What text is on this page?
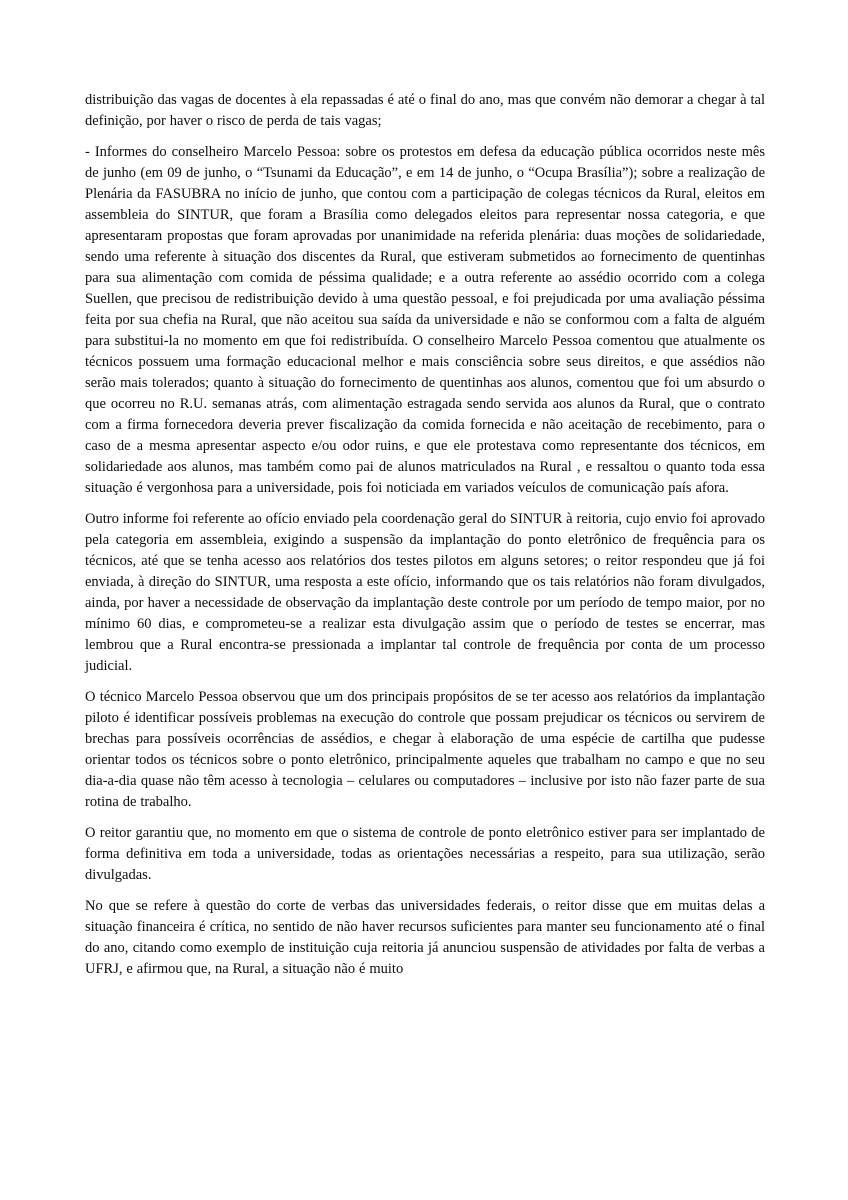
distribuição das vagas de docentes à ela repassadas é até o final do ano, mas que convém não demorar a chegar à tal definição, por haver o risco de perda de tais vagas;

- Informes do conselheiro Marcelo Pessoa: sobre os protestos em defesa da educação pública ocorridos neste mês de junho (em 09 de junho, o “Tsunami da Educação”, e em 14 de junho, o “Ocupa Brasília”); sobre a realização de Plenária da FASUBRA no início de junho, que contou com a participação de colegas técnicos da Rural, eleitos em assembleia do SINTUR, que foram a Brasília como delegados eleitos para representar nossa categoria, e que apresentaram propostas que foram aprovadas por unanimidade na referida plenária: duas moções de solidariedade, sendo uma referente à situação dos discentes da Rural, que estiveram submetidos ao fornecimento de quentinhas para sua alimentação com comida de péssima qualidade; e a outra referente ao assédio ocorrido com a colega Suellen, que precisou de redistribuição devido à uma questão pessoal, e foi prejudicada por uma avaliação péssima feita por sua chefia na Rural, que não aceitou sua saída da universidade e não se conformou com a falta de alguém para substitui-la no momento em que foi redistribuída. O conselheiro Marcelo Pessoa comentou que atualmente os técnicos possuem uma formação educacional melhor e mais consciência sobre seus direitos, e que assédios não serão mais tolerados; quanto à situação do fornecimento de quentinhas aos alunos, comentou que foi um absurdo o que ocorreu no R.U. semanas atrás, com alimentação estragada sendo servida aos alunos da Rural, que o contrato com a firma fornecedora deveria prever fiscalização da comida fornecida e não aceitação de recebimento, para o caso de a mesma apresentar aspecto e/ou odor ruins, e que ele protestava como representante dos técnicos, em solidariedade aos alunos, mas também como pai de alunos matriculados na Rural , e ressaltou o quanto toda essa situação é vergonhosa para a universidade, pois foi noticiada em variados veículos de comunicação país afora.

Outro informe foi referente ao ofício enviado pela coordenação geral do SINTUR à reitoria, cujo envio foi aprovado pela categoria em assembleia, exigindo a suspensão da implantação do ponto eletrônico de frequência para os técnicos, até que se tenha acesso aos relatórios dos testes pilotos em alguns setores; o reitor respondeu que já foi enviada, à direção do SINTUR, uma resposta a este ofício, informando que os tais relatórios não foram divulgados, ainda, por haver a necessidade de observação da implantação deste controle por um período de tempo maior, por no mínimo 60 dias, e comprometeu-se a realizar esta divulgação assim que o período de testes se encerrar, mas lembrou que a Rural encontra-se pressionada a implantar tal controle de frequência por conta de um processo judicial.

O técnico Marcelo Pessoa observou que um dos principais propósitos de se ter acesso aos relatórios da implantação piloto é identificar possíveis problemas na execução do controle que possam prejudicar os técnicos ou servirem de brechas para possíveis ocorrências de assédios, e chegar à elaboração de uma espécie de cartilha que pudesse orientar todos os técnicos sobre o ponto eletrônico, principalmente aqueles que trabalham no campo e que no seu dia-a-dia quase não têm acesso à tecnologia – celulares ou computadores – inclusive por isto não fazer parte de sua rotina de trabalho.

O reitor garantiu que, no momento em que o sistema de controle de ponto eletrônico estiver para ser implantado de forma definitiva em toda a universidade, todas as orientações necessárias a respeito, para sua utilização, serão divulgadas.

No que se refere à questão do corte de verbas das universidades federais, o reitor disse que em muitas delas a situação financeira é crítica, no sentido de não haver recursos suficientes para manter seu funcionamento até o final do ano, citando como exemplo de instituição cuja reitoria já anunciou suspensão de atividades por falta de verbas a UFRJ, e afirmou que, na Rural, a situação não é muito
